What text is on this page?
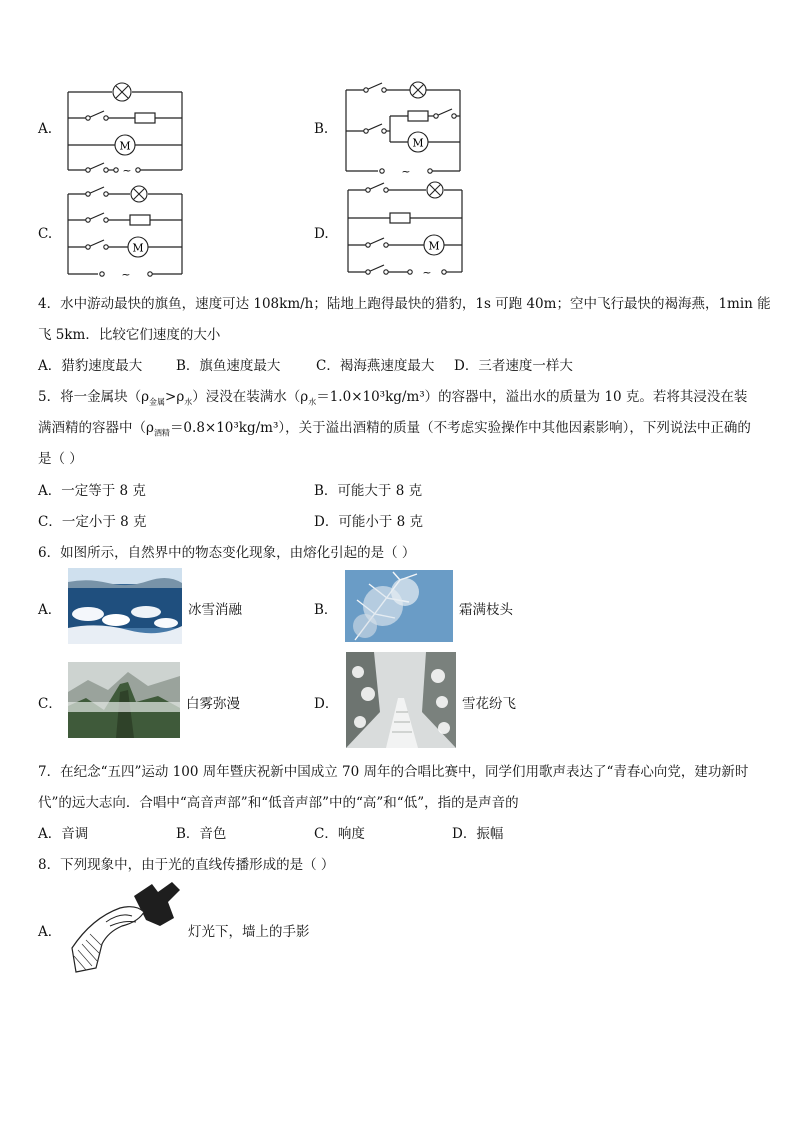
A.	B.
C.	D.
M
~
M
~
M
~
M
~
4．水中游动最快的旗鱼，速度可达 108km/h；陆地上跑得最快的猎豹，1s 可跑 40m；空中飞行最快的褐海燕，1min 能
飞 5km．比较它们速度的大小
A．猎豹速度最大	B．旗鱼速度最大	C．褐海燕速度最大 D．三者速度一样大
5．将一金属块$(\rho_{金属}>\rho_水)$浸没在装满水$(\rho_水=1.0\times 10^3kg/m^3)$的容器中，溢出水的质量为 10 克。若将其浸没在装
满酒精的容器中$(\rho_{酒精}=0.8\times 10^3kg/m^3)$，关于溢出酒精的质量（不考虑实验操作中其他因素影响），下列说法中正确的
是（ ）
A．一定等于 8 克	B．可能大于 8 克
C．一定小于 8 克	D．可能小于 8 克
6．如图所示，自然界中的物态变化现象，由熔化引起的是（ ）
A．	冰雪消融	B．	霜满枝头
C．	白雾弥漫	D．	雪花纷飞
7．在纪念“五四”运动 100 周年暨庆祝新中国成立 70 周年的合唱比赛中，同学们用歌声表达了“青春心向党，建功新时
代”的远大志向．合唱中“高音声部”和“低音声部”中的“高”和“低”，指的是声音的
A．音调	B．音色	C．响度	D．振幅
8．下列现象中，由于光的直线传播形成的是（ ）
A．	灯光下，墙上的手影
